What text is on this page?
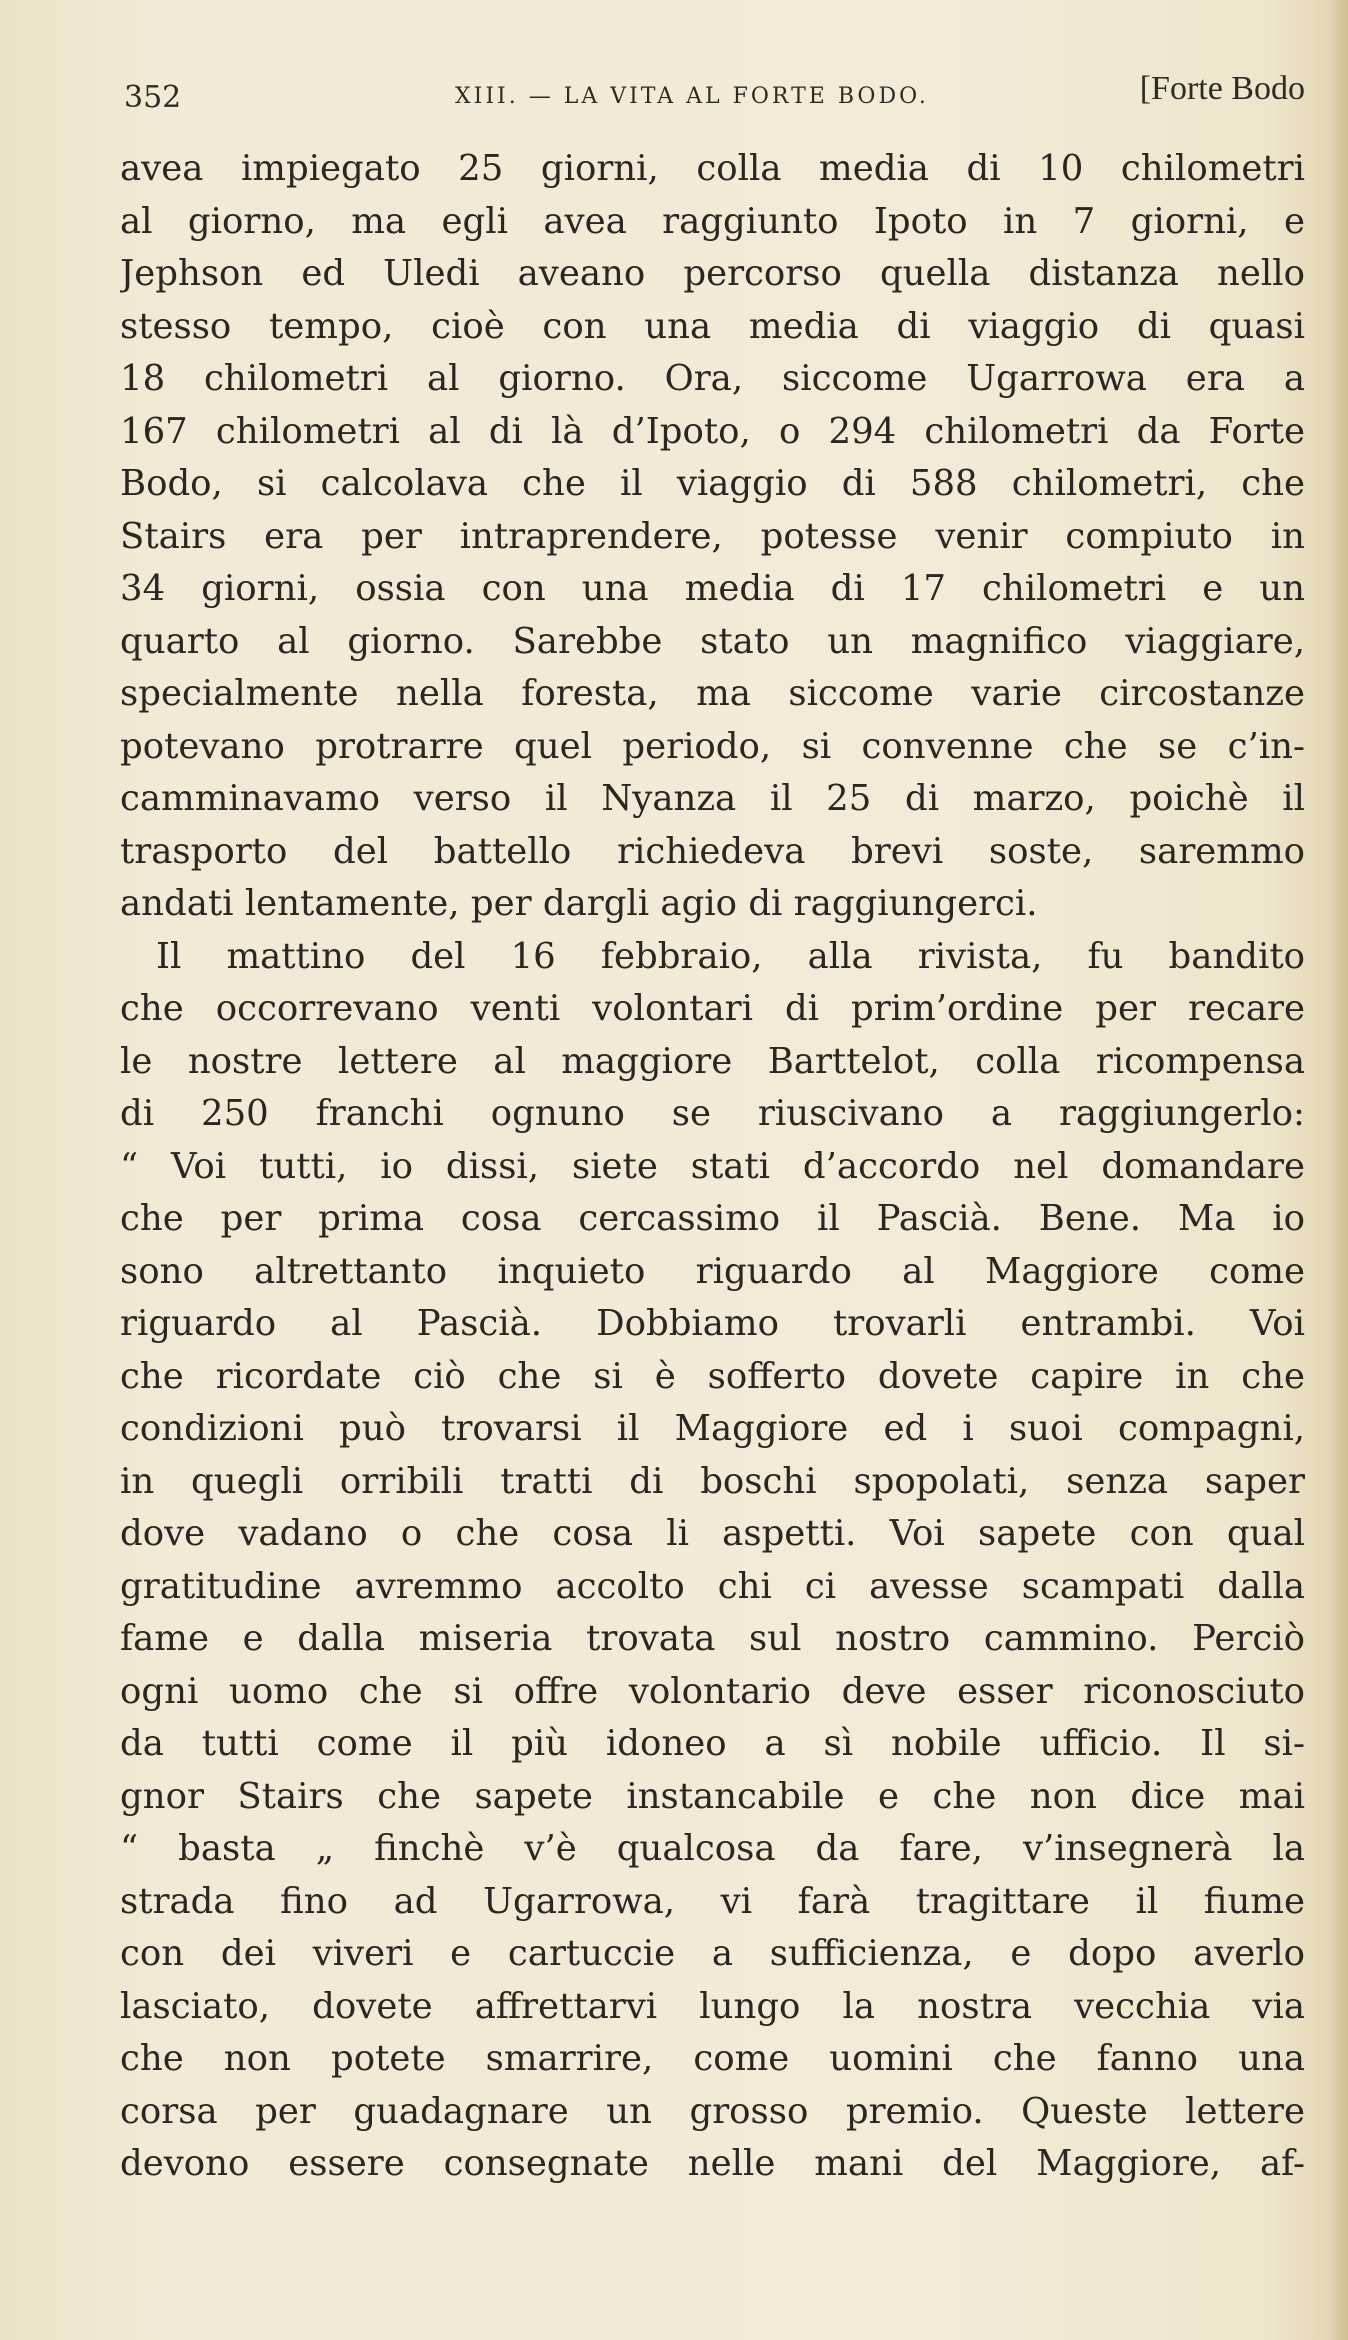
352	XIII. — LA VITA AL FORTE BODO.	[Forte Bodo
avea impiegato 25 giorni, colla media di 10 chilometri
al giorno, ma egli avea raggiunto Ipoto in 7 giorni, e
Jephson ed Uledi aveano percorso quella distanza nello
stesso tempo, cioè con una media di viaggio di quasi
18 chilometri al giorno. Ora, siccome Ugarrowa era a
167 chilometri al di là d’Ipoto, o 294 chilometri da Forte
Bodo, si calcolava che il viaggio di 588 chilometri, che
Stairs era per intraprendere, potesse venir compiuto in
34 giorni, ossia con una media di 17 chilometri e un
quarto al giorno. Sarebbe stato un magnifico viaggiare,
specialmente nella foresta, ma siccome varie circostanze
potevano protrarre quel periodo, si convenne che se c’in-
camminavamo verso il Nyanza il 25 di marzo, poichè il
trasporto del battello richiedeva brevi soste, saremmo
andati lentamente, per dargli agio di raggiungerci.
Il mattino del 16 febbraio, alla rivista, fu bandito
che occorrevano venti volontari di prim’ordine per recare
le nostre lettere al maggiore Barttelot, colla ricompensa
di 250 franchi ognuno se riuscivano a raggiungerlo:
“ Voi tutti, io dissi, siete stati d’accordo nel domandare
che per prima cosa cercassimo il Pascià. Bene. Ma io
sono altrettanto inquieto riguardo al Maggiore come
riguardo al Pascià. Dobbiamo trovarli entrambi. Voi
che ricordate ciò che si è sofferto dovete capire in che
condizioni può trovarsi il Maggiore ed i suoi compagni,
in quegli orribili tratti di boschi spopolati, senza saper
dove vadano o che cosa li aspetti. Voi sapete con qual
gratitudine avremmo accolto chi ci avesse scampati dalla
fame e dalla miseria trovata sul nostro cammino. Perciò
ogni uomo che si offre volontario deve esser riconosciuto
da tutti come il più idoneo a sì nobile ufficio. Il si-
gnor Stairs che sapete instancabile e che non dice mai
“ basta „ finchè v’è qualcosa da fare, v’insegnerà la
strada fino ad Ugarrowa, vi farà tragittare il fiume
con dei viveri e cartuccie a sufficienza, e dopo averlo
lasciato, dovete affrettarvi lungo la nostra vecchia via
che non potete smarrire, come uomini che fanno una
corsa per guadagnare un grosso premio. Queste lettere
devono essere consegnate nelle mani del Maggiore, af-
